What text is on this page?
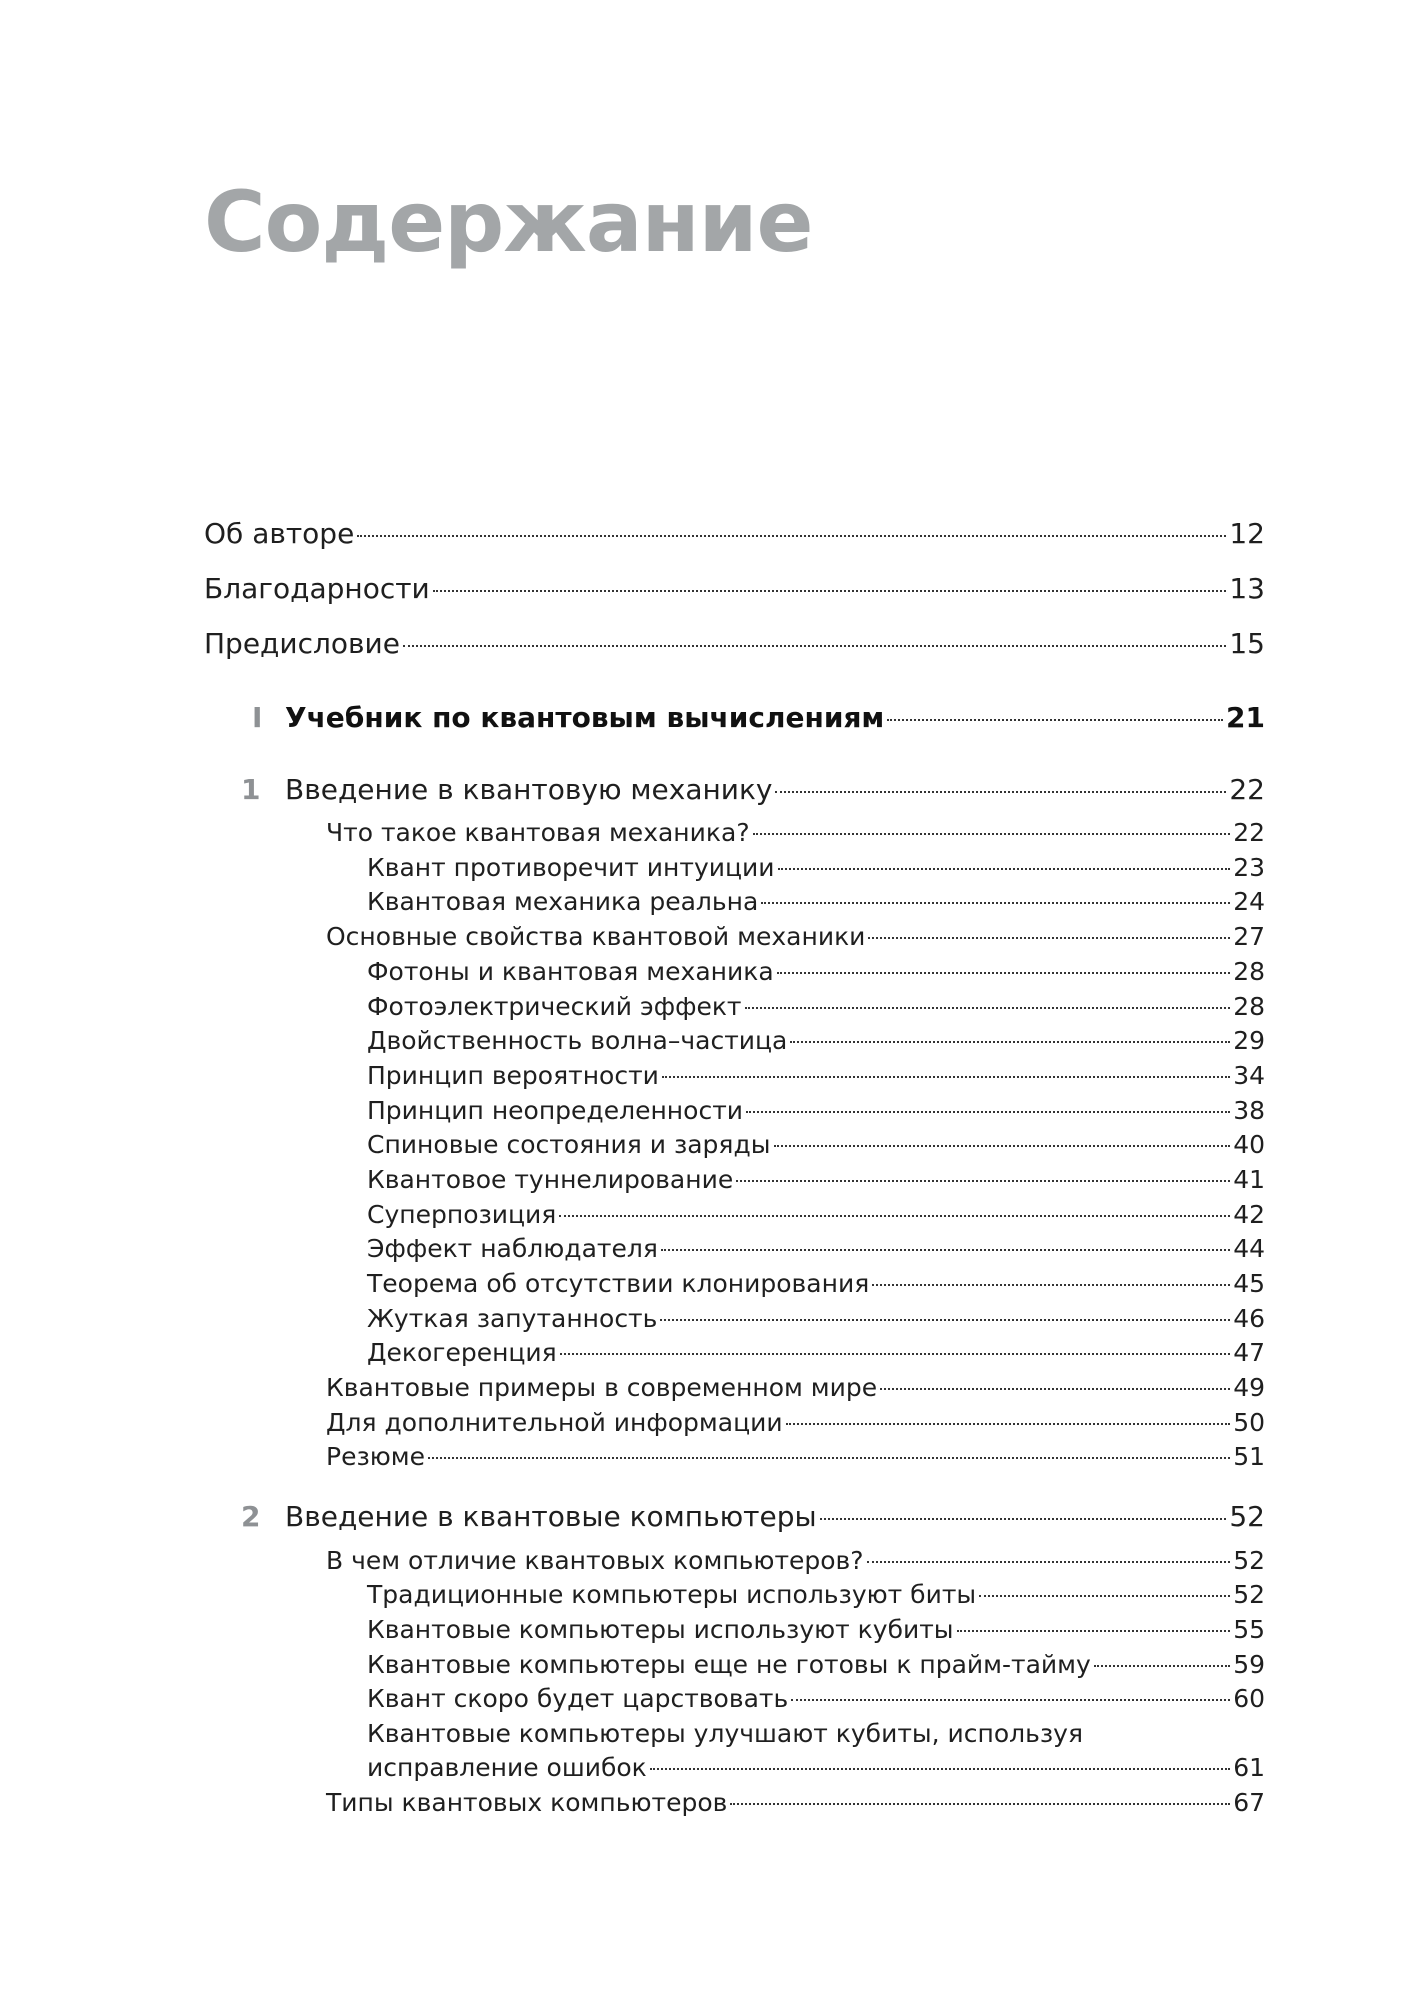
Содержание
Об авторе	12
Благодарности	13
Предисловие	15
I Учебник по квантовым вычислениям	21
1 Введение в квантовую механику	22
Что такое квантовая механика?	22
Квант противоречит интуиции	23
Квантовая механика реальна	24
Основные свойства квантовой механики	27
Фотоны и квантовая механика	28
Фотоэлектрический эффект	28
Двойственность волна–частица	29
Принцип вероятности	34
Принцип неопределенности	38
Спиновые состояния и заряды	40
Квантовое туннелирование	41
Суперпозиция	42
Эффект наблюдателя	44
Теорема об отсутствии клонирования	45
Жуткая запутанность	46
Декогеренция	47
Квантовые примеры в современном мире	49
Для дополнительной информации	50
Резюме	51
2 Введение в квантовые компьютеры	52
В чем отличие квантовых компьютеров?	52
Традиционные компьютеры используют биты	52
Квантовые компьютеры используют кубиты	55
Квантовые компьютеры еще не готовы к прайм-тайму	59
Квант скоро будет царствовать	60
Квантовые компьютеры улучшают кубиты, используя
исправление ошибок	61
Типы квантовых компьютеров	67
